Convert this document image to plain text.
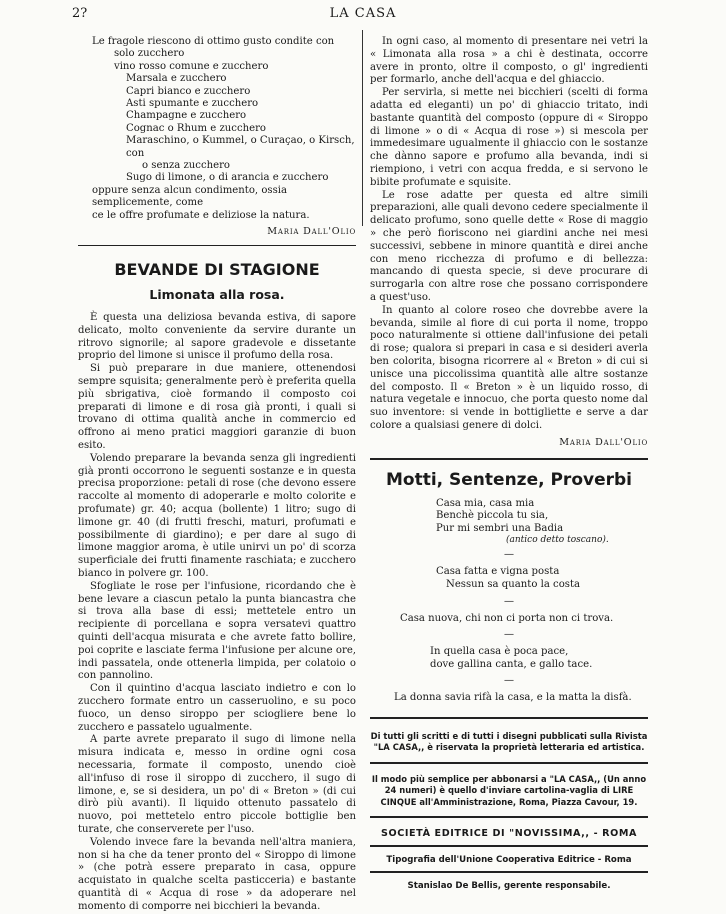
2?	LA CASA
Le fragole riescono di ottimo gusto condite con
solo zucchero
vino rosso comune e zucchero
Marsala e zucchero
Capri bianco e zucchero
Asti spumante e zucchero
Champagne e zucchero
Cognac o Rhum e zucchero
Maraschino, o Kummel, o Curaçao, o Kirsch, con
o senza zucchero
Sugo di limone, o di arancia e zucchero
oppure senza alcun condimento, ossia semplicemente, come
ce le offre profumate e deliziose la natura.
Maria Dall'Olio
BEVANDE DI STAGIONE
Limonata alla rosa.

È questa una deliziosa bevanda estiva, di sapore delicato, molto conveniente da servire durante un ritrovo signorile; al sapore gradevole e dissetante proprio del limone si unisce il profumo della rosa.

Si può preparare in due maniere, ottenendosi sempre squisita; generalmente però è preferita quella più sbrigativa, cioè formando il composto coi preparati di limone e di rosa già pronti, i quali si trovano di ottima qualità anche in commercio ed offrono ai meno pratici maggiori garanzie di buon esito.

Volendo preparare la bevanda senza gli ingredienti già pronti occorrono le seguenti sostanze e in questa precisa proporzione: petali di rose (che devono essere raccolte al momento di adoperarle e molto colorite e profumate) gr. 40; acqua (bollente) 1 litro; sugo di limone gr. 40 (di frutti freschi, maturi, profumati e possibilmente di giardino); e per dare al sugo di limone maggior aroma, è utile unirvi un po' di scorza superficiale dei frutti finamente raschiata; e zucchero bianco in polvere gr. 100.

Sfogliate le rose per l'infusione, ricordando che è bene levare a ciascun petalo la punta biancastra che si trova alla base di essi; mettetele entro un recipiente di porcellana e sopra versatevi quattro quinti dell'acqua misurata e che avrete fatto bollire, poi coprite e lasciate ferma l'infusione per alcune ore, indi passatela, onde ottenerla limpida, per colatoio o con pannolino.

Con il quintino d'acqua lasciato indietro e con lo zucchero formate entro un casseruolino, e su poco fuoco, un denso siroppo per sciogliere bene lo zucchero e passatelo ugualmente.

A parte avrete preparato il sugo di limone nella misura indicata e, messo in ordine ogni cosa necessaria, formate il composto, unendo cioè all'infuso di rose il siroppo di zucchero, il sugo di limone, e, se si desidera, un po' di « Breton » (di cui dirò più avanti). Il liquido ottenuto passatelo di nuovo, poi mettetelo entro piccole bottiglie ben turate, che conserverete per l'uso.

Volendo invece fare la bevanda nell'altra maniera, non si ha che da tener pronto del « Siroppo di limone » (che potrà essere preparato in casa, oppure acquistato in qualche scelta pasticceria) e bastante quantità di « Acqua di rose » da adoperare nel momento di comporre nei bicchieri la bevanda.

In ogni caso, al momento di presentare nei vetri la « Limonata alla rosa » a chi è destinata, occorre avere in pronto, oltre il composto, o gl' ingredienti per formarlo, anche dell'acqua e del ghiaccio.

Per servirla, si mette nei bicchieri (scelti di forma adatta ed eleganti) un po' di ghiaccio tritato, indi bastante quantità del composto (oppure di « Siroppo di limone » o di « Acqua di rose ») si mescola per immedesimare ugualmente il ghiaccio con le sostanze che dànno sapore e profumo alla bevanda, indi si riempiono, i vetri con acqua fredda, e si servono le bibite profumate e squisite.

Le rose adatte per questa ed altre simili preparazioni, alle quali devono cedere specialmente il delicato profumo, sono quelle dette « Rose di maggio » che però fioriscono nei giardini anche nei mesi successivi, sebbene in minore quantità e direi anche con meno ricchezza di profumo e di bellezza: mancando di questa specie, si deve procurare di surrogarla con altre rose che possano corrispondere a quest'uso.

In quanto al colore roseo che dovrebbe avere la bevanda, simile al fiore di cui porta il nome, troppo poco naturalmente si ottiene dall'infusione dei petali di rose; qualora si prepari in casa e si desideri averla ben colorita, bisogna ricorrere al « Breton » di cui si unisce una piccolissima quantità alle altre sostanze del composto. Il « Breton » è un liquido rosso, di natura vegetale e innocuo, che porta questo nome dal suo inventore: si vende in bottigliette e serve a dar colore a qualsiasi genere di dolci.

Maria Dall'Olio
Motti, Sentenze, Proverbi
Casa mia, casa mia
Benchè piccola tu sia,
Pur mi sembri una Badia
(antico detto toscano).
—
Casa fatta e vigna posta
Nessun sa quanto la costa
—
Casa nuova, chi non ci porta non ci trova.
—
In quella casa è poca pace,
dove gallina canta, e gallo tace.
—
La donna savia rifà la casa, e la matta la disfà.
Di tutti gli scritti e di tutti i disegni pubblicati sulla Rivista "LA CASA,, è riservata la proprietà letteraria ed artistica.
Il modo più semplice per abbonarsi a "LA CASA,, (Un anno 24 numeri) è quello d'inviare cartolina-vaglia di LIRE CINQUE all'Amministrazione, Roma, Piazza Cavour, 19.
SOCIETÀ EDITRICE DI "NOVISSIMA,, - ROMA
Tipografia dell'Unione Cooperativa Editrice - Roma
Stanislao De Bellis, gerente responsabile.
